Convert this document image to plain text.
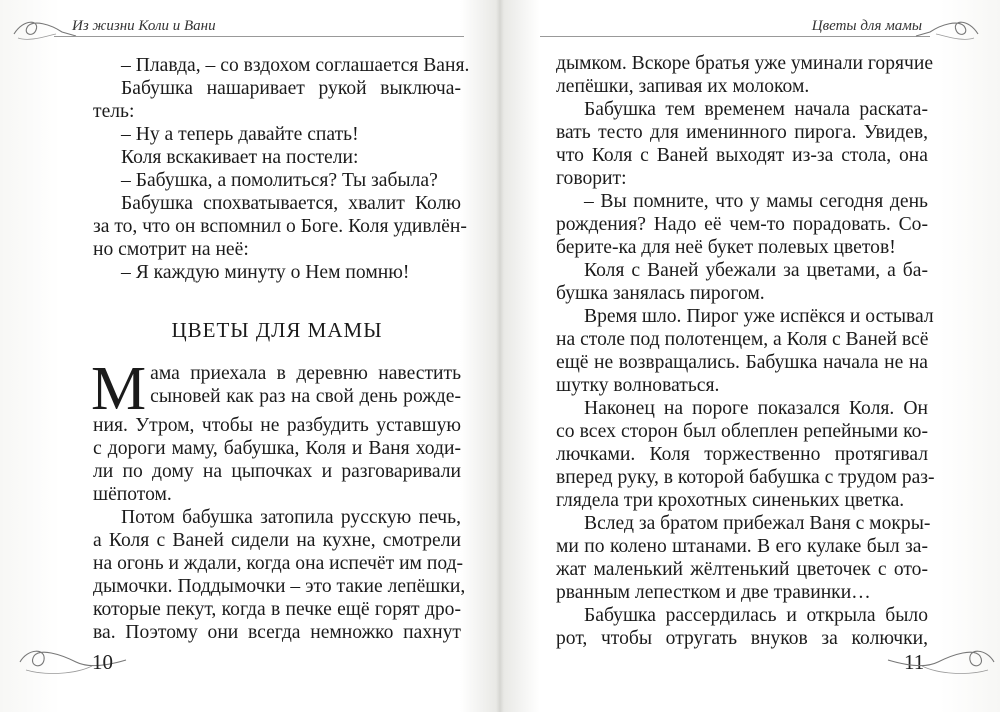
Из жизни Коли и Вани
– Плавда, – со вздохом соглашается Ваня.
Бабушка нашаривает рукой выключа-
тель:
– Ну а теперь давайте спать!
Коля вскакивает на постели:
– Бабушка, а помолиться? Ты забыла?
Бабушка спохватывается, хвалит Колю
за то, что он вспомнил о Боге. Коля удивлён-
но смотрит на неё:
– Я каждую минуту о Нем помню!
ЦВЕТЫ ДЛЯ МАМЫ
М ама приехала в деревню навестить
сыновей как раз на свой день рожде-
ния. Утром, чтобы не разбудить уставшую
с дороги маму, бабушка, Коля и Ваня ходи-
ли по дому на цыпочках и разговаривали
шёпотом.
Потом бабушка затопила русскую печь,
а Коля с Ваней сидели на кухне, смотрели
на огонь и ждали, когда она испечёт им под-
дымочки. Поддымочки – это такие лепёшки,
которые пекут, когда в печке ещё горят дро-
ва. Поэтому они всегда немножко пахнут
10
Цветы для мамы
дымком. Вскоре братья уже уминали горячие
лепёшки, запивая их молоком.
Бабушка тем временем начала раската-
вать тесто для именинного пирога. Увидев,
что Коля с Ваней выходят из-за стола, она
говорит:
– Вы помните, что у мамы сегодня день
рождения? Надо её чем-то порадовать. Со-
берите-ка для неё букет полевых цветов!
Коля с Ваней убежали за цветами, а ба-
бушка занялась пирогом.
Время шло. Пирог уже испёкся и остывал
на столе под полотенцем, а Коля с Ваней всё
ещё не возвращались. Бабушка начала не на
шутку волноваться.
Наконец на пороге показался Коля. Он
со всех сторон был облеплен репейными ко-
лючками. Коля торжественно протягивал
вперед руку, в которой бабушка с трудом раз-
глядела три крохотных синеньких цветка.
Вслед за братом прибежал Ваня с мокры-
ми по колено штанами. В его кулаке был за-
жат маленький жёлтенький цветочек с ото-
рванным лепестком и две травинки…
Бабушка рассердилась и открыла было
рот, чтобы отругать внуков за колючки,
11
